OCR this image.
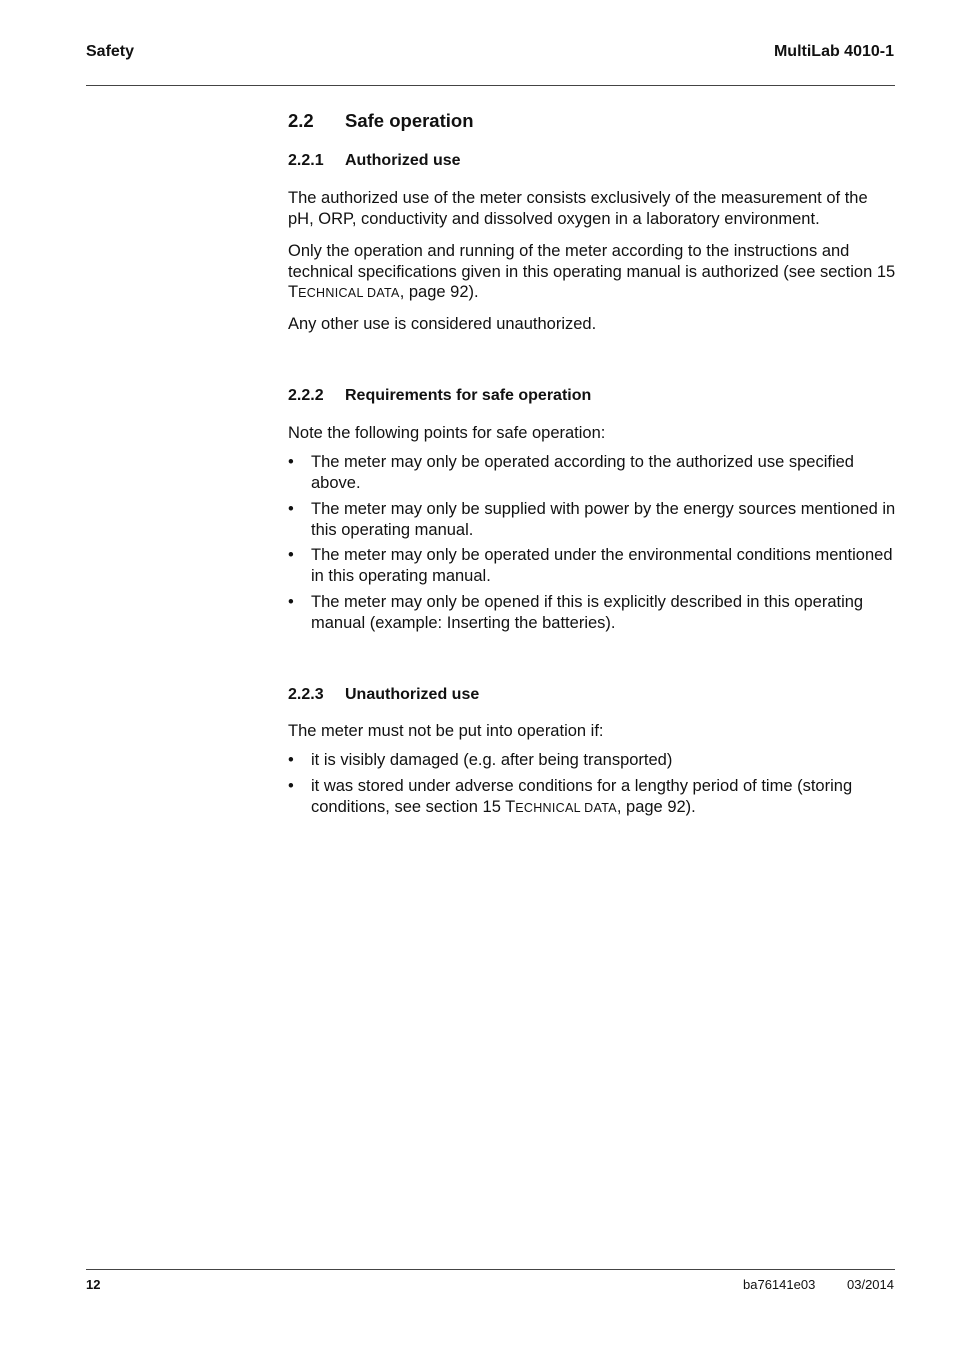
Safety	MultiLab 4010-1
2.2 Safe operation
2.2.1 Authorized use
The authorized use of the meter consists exclusively of the measurement of the pH, ORP, conductivity and dissolved oxygen in a laboratory environment.
Only the operation and running of the meter according to the instructions and technical specifications given in this operating manual is authorized (see section 15 TECHNICAL DATA, page 92).
Any other use is considered unauthorized.
2.2.2 Requirements for safe operation
Note the following points for safe operation:
• The meter may only be operated according to the authorized use specified above.
• The meter may only be supplied with power by the energy sources mentioned in this operating manual.
• The meter may only be operated under the environmental conditions mentioned in this operating manual.
• The meter may only be opened if this is explicitly described in this operating manual (example: Inserting the batteries).
2.2.3 Unauthorized use
The meter must not be put into operation if:
• it is visibly damaged (e.g. after being transported)
• it was stored under adverse conditions for a lengthy period of time (storing conditions, see section 15 TECHNICAL DATA, page 92).
12	ba76141e03 03/2014
